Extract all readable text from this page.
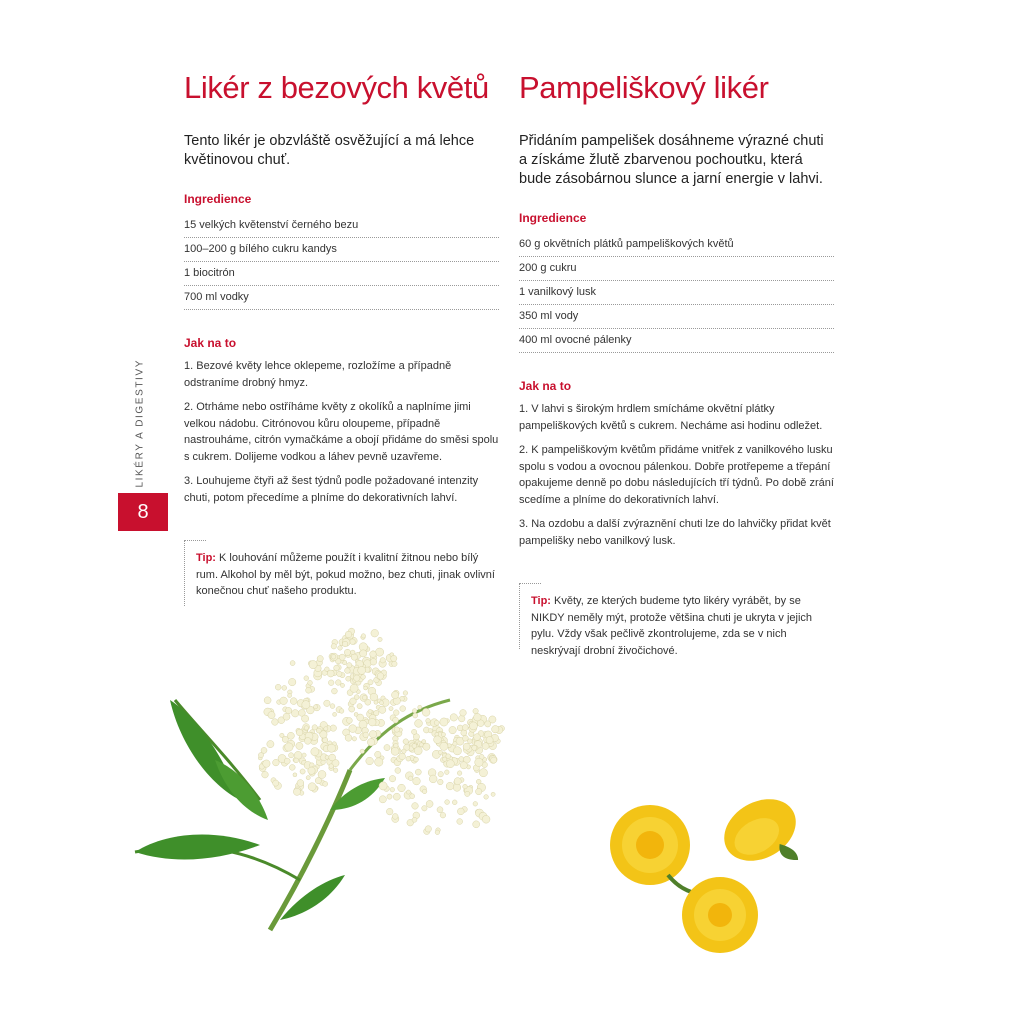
LIKÉRY A DIGESTIVY
8
Likér z bezových květů

Tento likér je obzvláště osvěžující a má lehce květinovou chuť.

Ingredience
15 velkých květenství černého bezu
100–200 g bílého cukru kandys
1 biocitrón
700 ml vodky
Jak na to

1. Bezové květy lehce oklepeme, rozložíme a případně odstraníme drobný hmyz.

2. Otrháme nebo ostříháme květy z okolíků a naplníme jimi velkou nádobu. Citrónovou kůru oloupeme, případně nastrouháme, citrón vymačkáme a obojí přidáme do směsi spolu s cukrem. Dolijeme vodkou a láhev pevně uzavřeme.

3. Louhujeme čtyři až šest týdnů podle požadované intenzity chuti, potom přecedíme a plníme do dekorativních lahví.

Tip: K louhování můžeme použít i kvalitní žitnou nebo bílý rum. Alkohol by měl být, pokud možno, bez chuti, jinak ovlivní konečnou chuť našeho produktu.
Pampeliškový likér

Přidáním pampelišek dosáhneme výrazné chuti a získáme žlutě zbarvenou pochoutku, která bude zásobárnou slunce a jarní energie v lahvi.

Ingredience
60 g okvětních plátků pampeliškových květů
200 g cukru
1 vanilkový lusk
350 ml vody
400 ml ovocné pálenky
Jak na to

1. V lahvi s širokým hrdlem smícháme okvětní plátky pampeliškových květů s cukrem. Necháme asi hodinu odležet.

2. K pampeliškovým květům přidáme vnitřek z vanilkového lusku spolu s vodou a ovocnou pálenkou. Dobře protřepeme a třepání opakujeme denně po dobu následujících tří týdnů. Po době zrání scedíme a plníme do dekorativních lahví.

3. Na ozdobu a další zvýraznění chuti lze do lahvičky přidat květ pampelišky nebo vanilkový lusk.

Tip: Květy, ze kterých budeme tyto likéry vyrábět, by se NIKDY neměly mýt, protože většina chuti je ukryta v jejich pylu. Vždy však pečlivě zkontrolujeme, zda se v nich neskrývají drobní živočichové.
